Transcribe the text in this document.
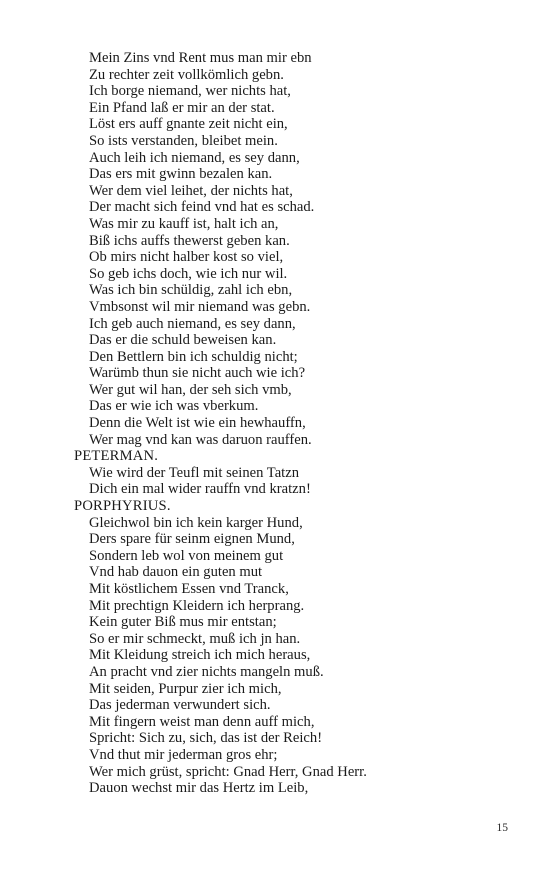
Mein Zins vnd Rent mus man mir ebn
Zu rechter zeit vollkömlich gebn.
Ich borge niemand, wer nichts hat,
Ein Pfand laß er mir an der stat.
Löst ers auff gnante zeit nicht ein,
So ists verstanden, bleibet mein.
Auch leih ich niemand, es sey dann,
Das ers mit gwinn bezalen kan.
Wer dem viel leihet, der nichts hat,
Der macht sich feind vnd hat es schad.
Was mir zu kauff ist, halt ich an,
Biß ichs auffs thewerst geben kan.
Ob mirs nicht halber kost so viel,
So geb ichs doch, wie ich nur wil.
Was ich bin schüldig, zahl ich ebn,
Vmbsonst wil mir niemand was gebn.
Ich geb auch niemand, es sey dann,
Das er die schuld beweisen kan.
Den Bettlern bin ich schuldig nicht;
Warümb thun sie nicht auch wie ich?
Wer gut wil han, der seh sich vmb,
Das er wie ich was vberkum.
Denn die Welt ist wie ein hewhauffn,
Wer mag vnd kan was daruon rauffen.
PETERMAN.
Wie wird der Teufl mit seinen Tatzn
Dich ein mal wider rauffn vnd kratzn!
PORPHYRIUS.
Gleichwol bin ich kein karger Hund,
Ders spare für seinm eignen Mund,
Sondern leb wol von meinem gut
Vnd hab dauon ein guten mut
Mit köstlichem Essen vnd Tranck,
Mit prechtign Kleidern ich herprang.
Kein guter Biß mus mir entstan;
So er mir schmeckt, muß ich jn han.
Mit Kleidung streich ich mich heraus,
An pracht vnd zier nichts mangeln muß.
Mit seiden, Purpur zier ich mich,
Das jederman verwundert sich.
Mit fingern weist man denn auff mich,
Spricht: Sich zu, sich, das ist der Reich!
Vnd thut mir jederman gros ehr;
Wer mich grüst, spricht: Gnad Herr, Gnad Herr.
Dauon wechst mir das Hertz im Leib,
15
